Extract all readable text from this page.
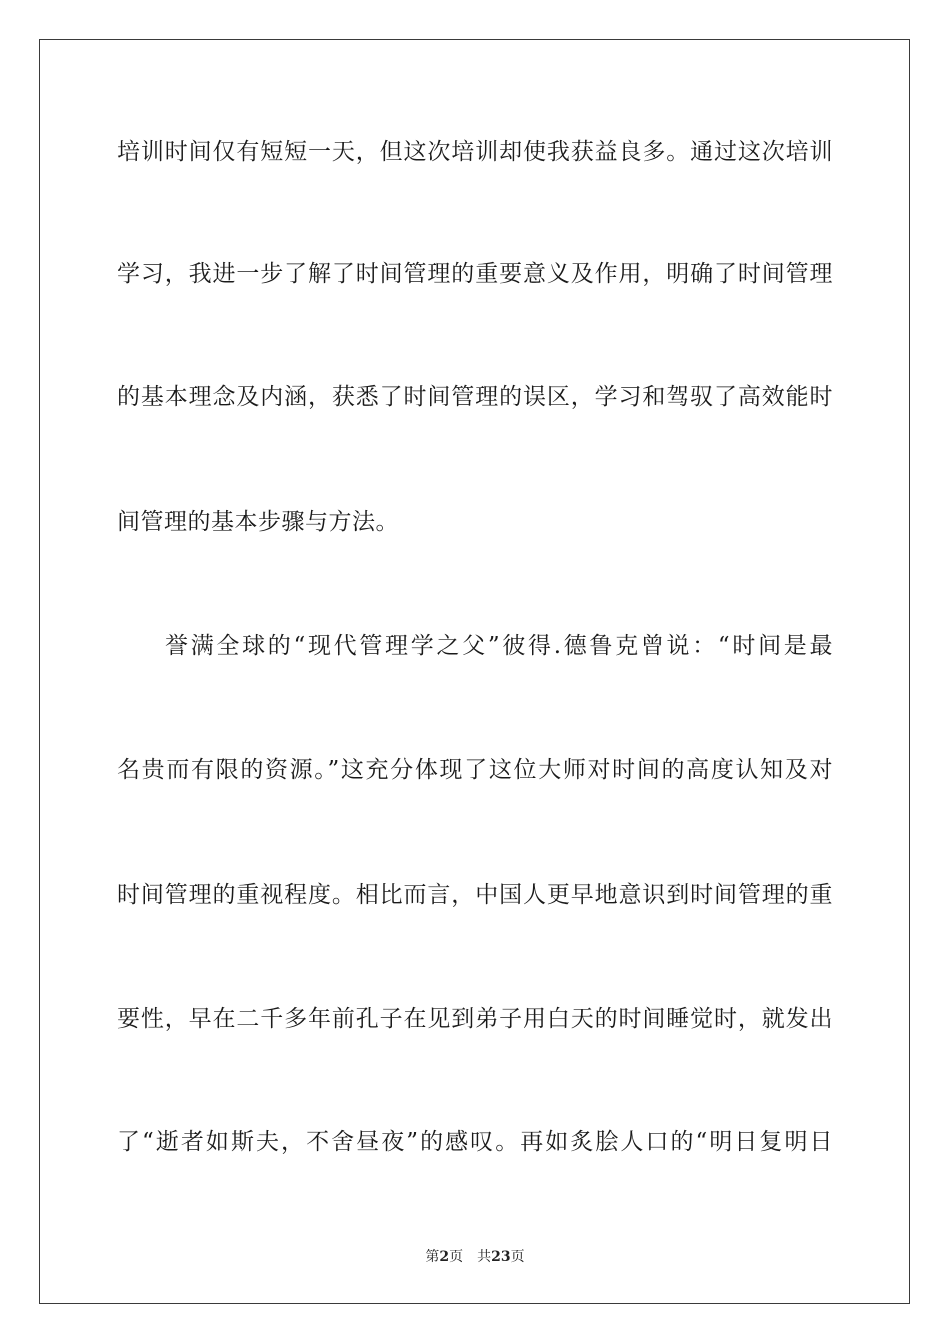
培训时间仅有短短一天，但这次培训却使我获益良多。通过这次培训
学习，我进一步了解了时间管理的重要意义及作用，明确了时间管理
的基本理念及内涵，获悉了时间管理的误区，学习和驾驭了高效能时
间管理的基本步骤与方法。
誉满全球的“现代管理学之父”彼得.德鲁克曾说：“时间是最
名贵而有限的资源。”这充分体现了这位大师对时间的高度认知及对
时间管理的重视程度。相比而言，中国人更早地意识到时间管理的重
要性，早在二千多年前孔子在见到弟子用白天的时间睡觉时，就发出
了“逝者如斯夫，不舍昼夜”的感叹。再如炙脍人口的“明日复明日
第2页 共23页
